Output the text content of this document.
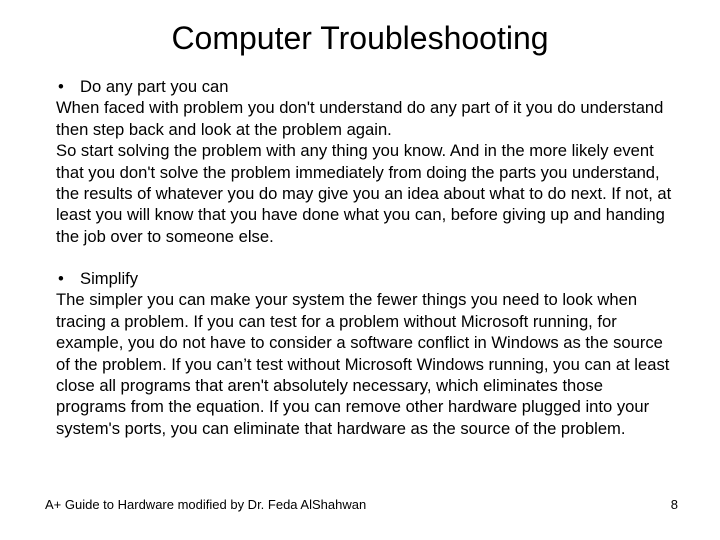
Computer Troubleshooting
• Do any part you can
When faced with problem you don't understand do any part of it you do understand then step back and look at the problem again.
So start solving the problem with any thing you know. And in the more likely event that you don't solve the problem immediately from doing the parts you understand, the results of whatever you do may give you an idea about what to do next. If not, at least you will know that you have done what you can, before giving up and handing the job over to someone else.
• Simplify
The simpler you can make your system the fewer things you need to look when tracing a problem. If you can test for a problem without Microsoft running, for example, you do not have to consider a software conflict in Windows as the source of the problem. If you can’t test without Microsoft Windows running, you can at least close all programs that aren't absolutely necessary, which eliminates those programs from the equation. If you can remove other hardware plugged into your system's ports, you can eliminate that hardware as the source of the problem.
A+ Guide to Hardware modified by Dr. Feda AlShahwan	8
